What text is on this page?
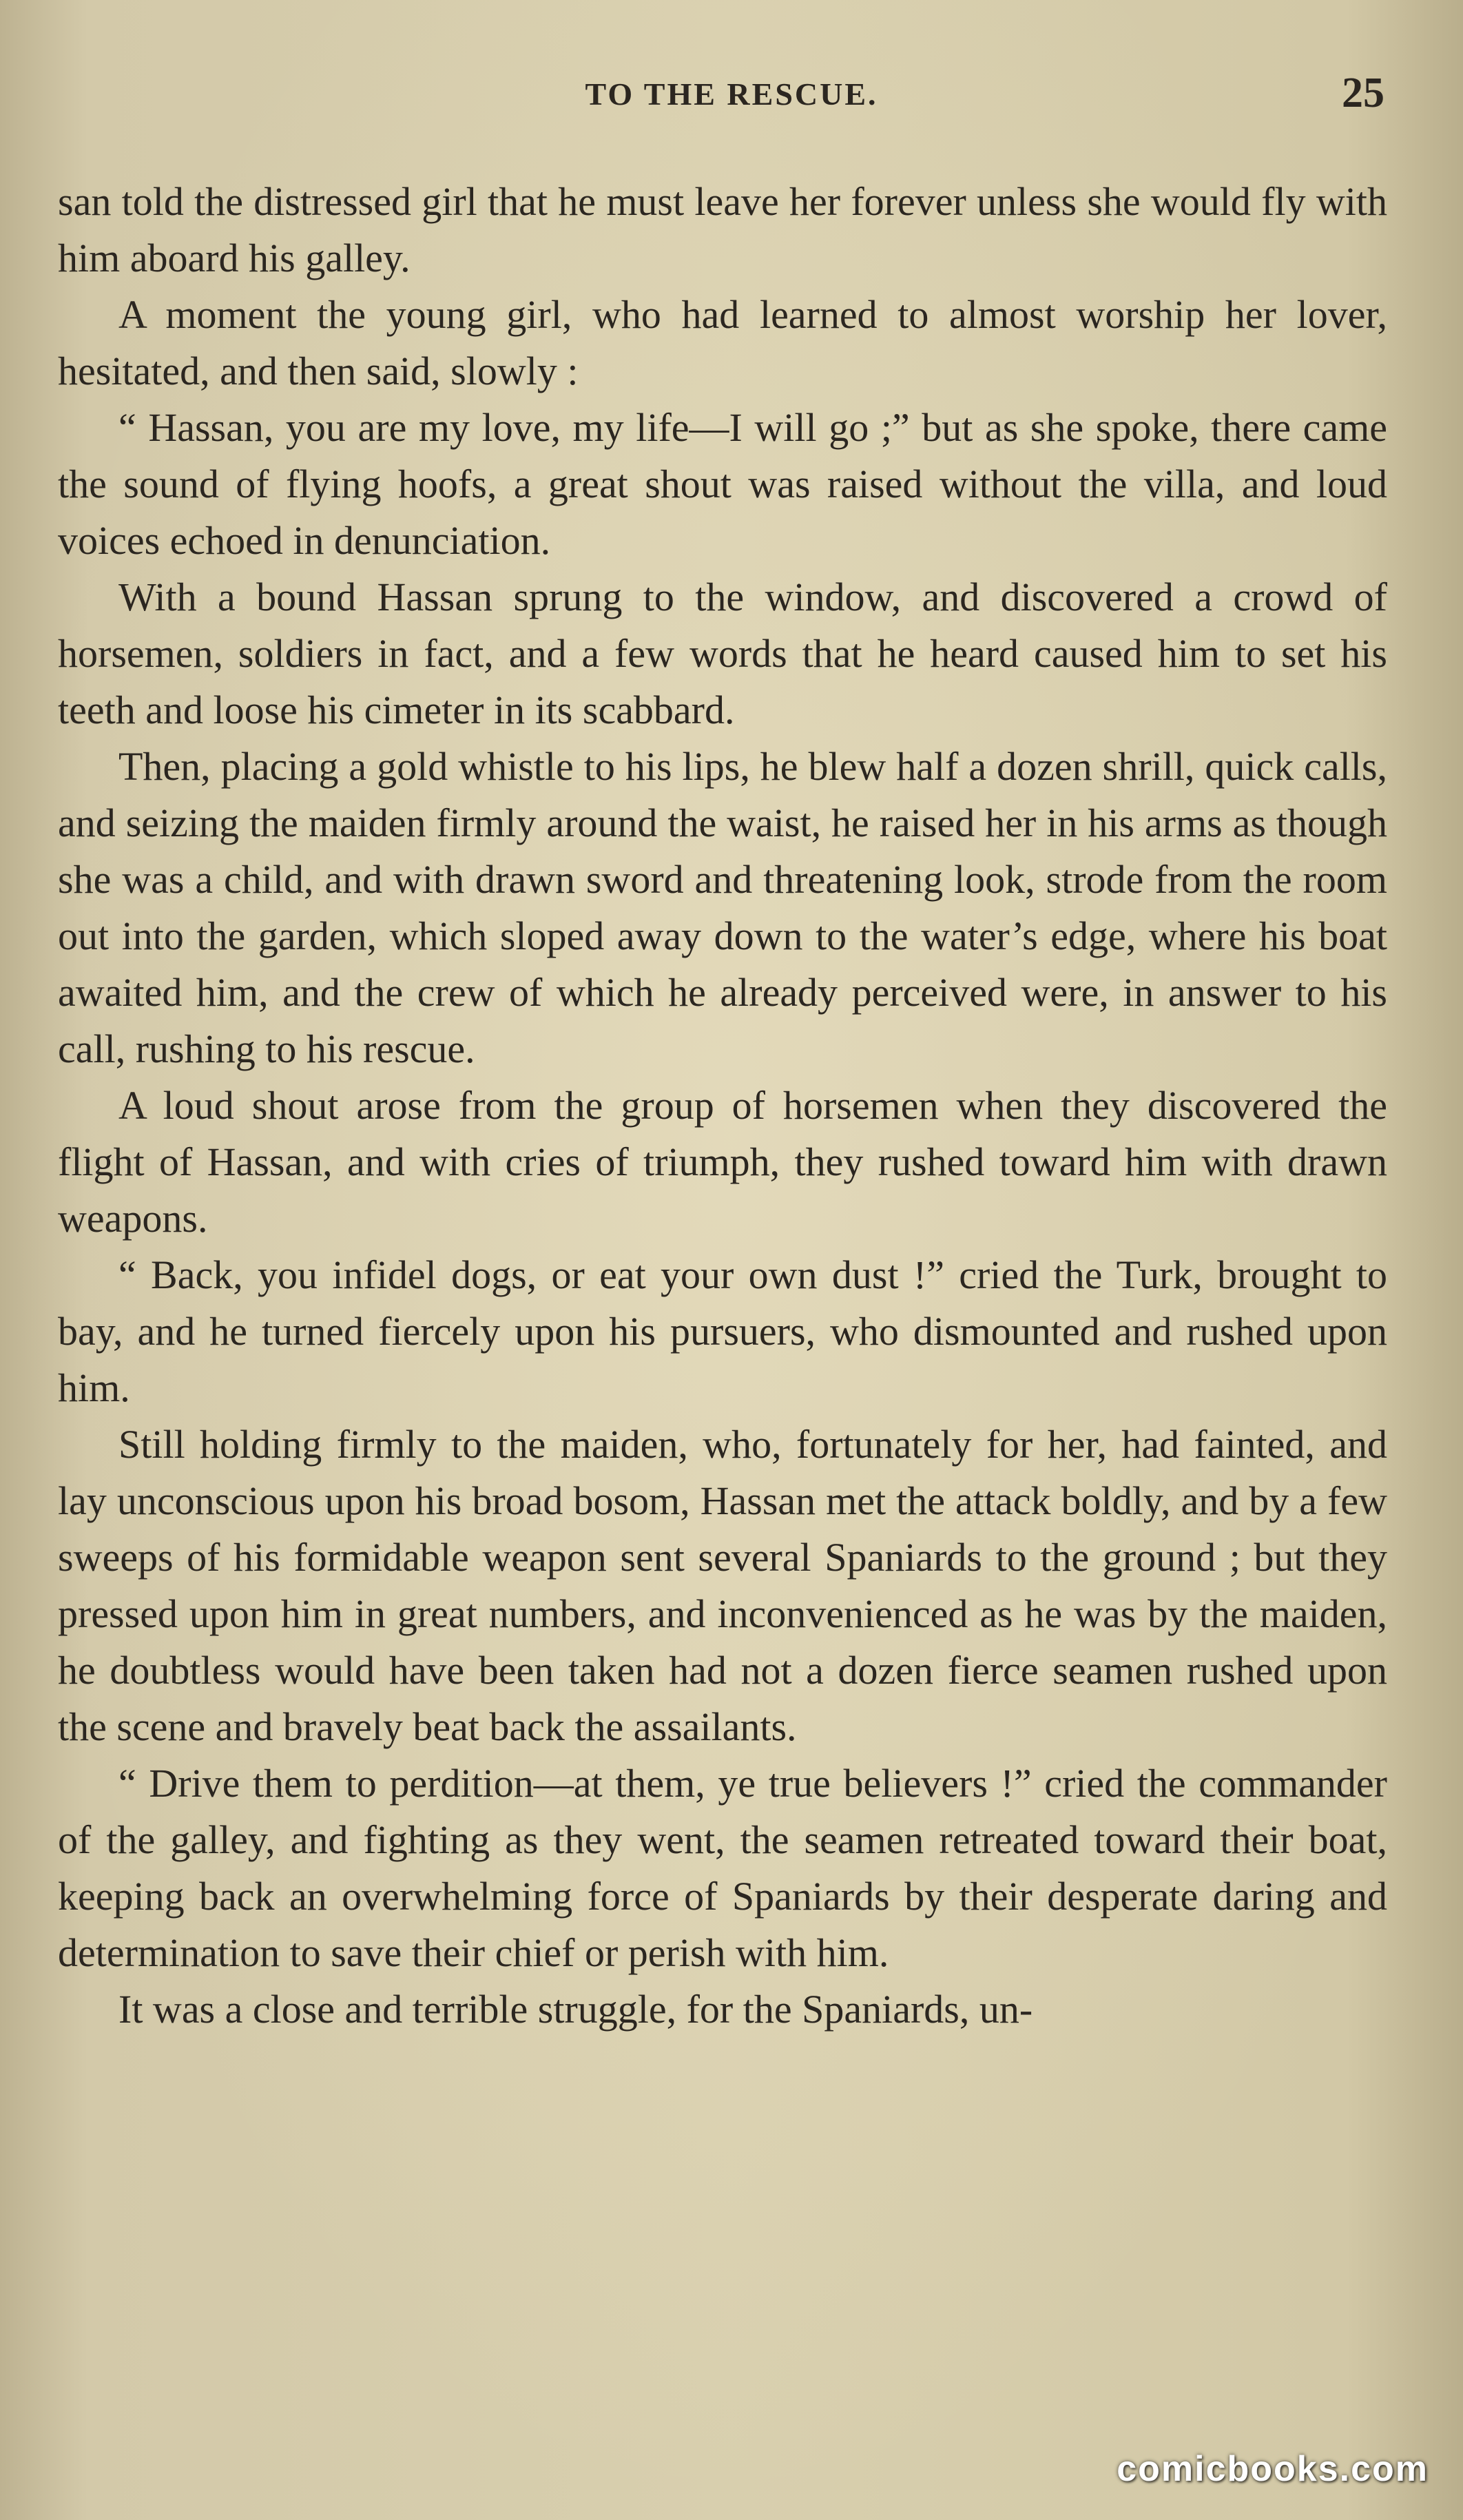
TO THE RESCUE.	25

san told the distressed girl that he must leave her forever unless she would fly with him aboard his galley.

A moment the young girl, who had learned to almost worship her lover, hesitated, and then said, slowly :

“ Hassan, you are my love, my life—I will go ;” but as she spoke, there came the sound of flying hoofs, a great shout was raised without the villa, and loud voices echoed in denunciation.

With a bound Hassan sprung to the window, and discovered a crowd of horsemen, soldiers in fact, and a few words that he heard caused him to set his teeth and loose his cimeter in its scabbard.

Then, placing a gold whistle to his lips, he blew half a dozen shrill, quick calls, and seizing the maiden firmly around the waist, he raised her in his arms as though she was a child, and with drawn sword and threatening look, strode from the room out into the garden, which sloped away down to the water’s edge, where his boat awaited him, and the crew of which he already perceived were, in answer to his call, rushing to his rescue.

A loud shout arose from the group of horsemen when they discovered the flight of Hassan, and with cries of triumph, they rushed toward him with drawn weapons.

“ Back, you infidel dogs, or eat your own dust !” cried the Turk, brought to bay, and he turned fiercely upon his pursuers, who dismounted and rushed upon him.

Still holding firmly to the maiden, who, fortunately for her, had fainted, and lay unconscious upon his broad bosom, Hassan met the attack boldly, and by a few sweeps of his formidable weapon sent several Spaniards to the ground ; but they pressed upon him in great numbers, and inconvenienced as he was by the maiden, he doubtless would have been taken had not a dozen fierce seamen rushed upon the scene and bravely beat back the assailants.

“ Drive them to perdition—at them, ye true believers !” cried the commander of the galley, and fighting as they went, the seamen retreated toward their boat, keeping back an overwhelming force of Spaniards by their desperate daring and determination to save their chief or perish with him.

It was a close and terrible struggle, for the Spaniards, un-

comicbooks.com
